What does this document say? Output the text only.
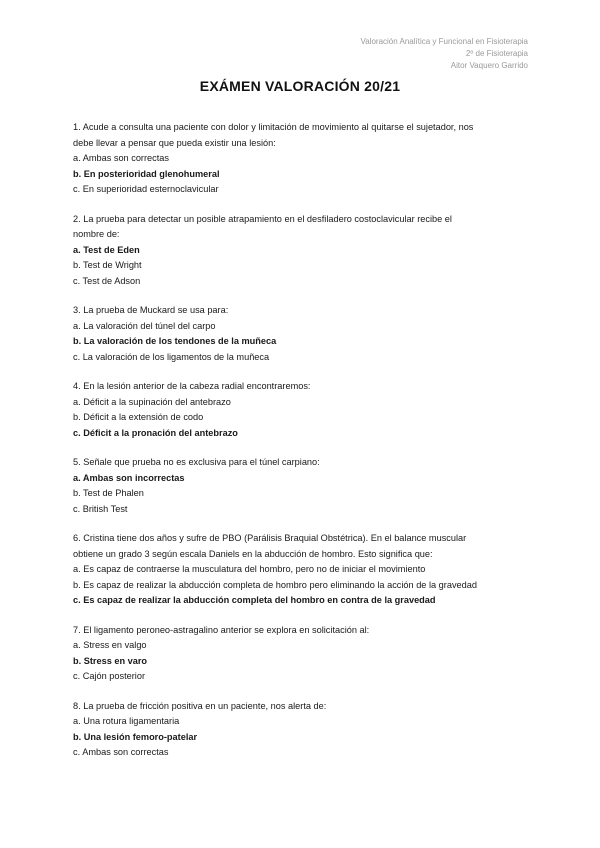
Valoración Analítica y Funcional en Fisioterapia
2º de Fisioterapia
Aitor Vaquero Garrido
EXÁMEN VALORACIÓN 20/21
1. Acude a consulta una paciente con dolor y limitación de movimiento al quitarse el sujetador, nos
debe llevar a pensar que pueda existir una lesión:
a. Ambas son correctas
b. En posterioridad glenohumeral
c. En superioridad esternoclavicular
2. La prueba para detectar un posible atrapamiento en el desfiladero costoclavicular recibe el
nombre de:
a. Test de Eden
b. Test de Wright
c. Test de Adson
3. La prueba de Muckard se usa para:
a. La valoración del túnel del carpo
b. La valoración de los tendones de la muñeca
c. La valoración de los ligamentos de la muñeca
4. En la lesión anterior de la cabeza radial encontraremos:
a. Déficit a la supinación del antebrazo
b. Déficit a la extensión de codo
c. Déficit a la pronación del antebrazo
5. Señale que prueba no es exclusiva para el túnel carpiano:
a. Ambas son incorrectas
b. Test de Phalen
c. British Test
6. Cristina tiene dos años y sufre de PBO (Parálisis Braquial Obstétrica). En el balance muscular
obtiene un grado 3 según escala Daniels en la abducción de hombro. Esto significa que:
a. Es capaz de contraerse la musculatura del hombro, pero no de iniciar el movimiento
b. Es capaz de realizar la abducción completa de hombro pero eliminando la acción de la gravedad
c. Es capaz de realizar la abducción completa del hombro en contra de la gravedad
7. El ligamento peroneo-astragalino anterior se explora en solicitación al:
a. Stress en valgo
b. Stress en varo
c. Cajón posterior
8. La prueba de fricción positiva en un paciente, nos alerta de:
a. Una rotura ligamentaria
b. Una lesión femoro-patelar
c. Ambas son correctas
